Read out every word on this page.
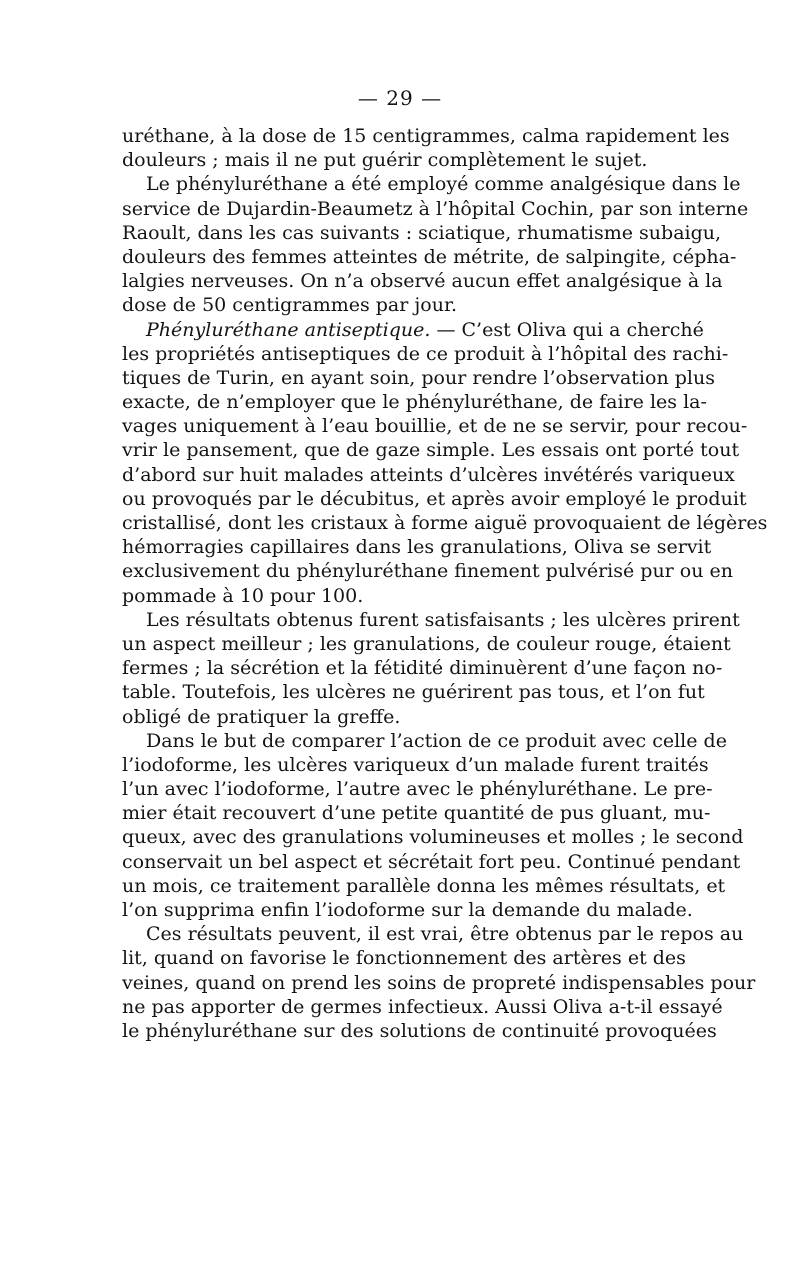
— 29 —
uréthane, à la dose de 15 centigrammes, calma rapidement les
douleurs ; mais il ne put guérir complètement le sujet.
Le phényluréthane a été employé comme analgésique dans le
service de Dujardin-Beaumetz à l’hôpital Cochin, par son interne
Raoult, dans les cas suivants : sciatique, rhumatisme subaigu,
douleurs des femmes atteintes de métrite, de salpingite, cépha-
lalgies nerveuses. On n’a observé aucun effet analgésique à la
dose de 50 centigrammes par jour.
Phényluréthane antiseptique. — C’est Oliva qui a cherché
les propriétés antiseptiques de ce produit à l’hôpital des rachi-
tiques de Turin, en ayant soin, pour rendre l’observation plus
exacte, de n’employer que le phényluréthane, de faire les la-
vages uniquement à l’eau bouillie, et de ne se servir, pour recou-
vrir le pansement, que de gaze simple. Les essais ont porté tout
d’abord sur huit malades atteints d’ulcères invétérés variqueux
ou provoqués par le décubitus, et après avoir employé le produit
cristallisé, dont les cristaux à forme aiguë provoquaient de légères
hémorragies capillaires dans les granulations, Oliva se servit
exclusivement du phényluréthane finement pulvérisé pur ou en
pommade à 10 pour 100.
Les résultats obtenus furent satisfaisants ; les ulcères prirent
un aspect meilleur ; les granulations, de couleur rouge, étaient
fermes ; la sécrétion et la fétidité diminuèrent d’une façon no-
table. Toutefois, les ulcères ne guérirent pas tous, et l’on fut
obligé de pratiquer la greffe.
Dans le but de comparer l’action de ce produit avec celle de
l’iodoforme, les ulcères variqueux d’un malade furent traités
l’un avec l’iodoforme, l’autre avec le phényluréthane. Le pre-
mier était recouvert d’une petite quantité de pus gluant, mu-
queux, avec des granulations volumineuses et molles ; le second
conservait un bel aspect et sécrétait fort peu. Continué pendant
un mois, ce traitement parallèle donna les mêmes résultats, et
l’on supprima enfin l’iodoforme sur la demande du malade.
Ces résultats peuvent, il est vrai, être obtenus par le repos au
lit, quand on favorise le fonctionnement des artères et des
veines, quand on prend les soins de propreté indispensables pour
ne pas apporter de germes infectieux. Aussi Oliva a-t-il essayé
le phényluréthane sur des solutions de continuité provoquées
